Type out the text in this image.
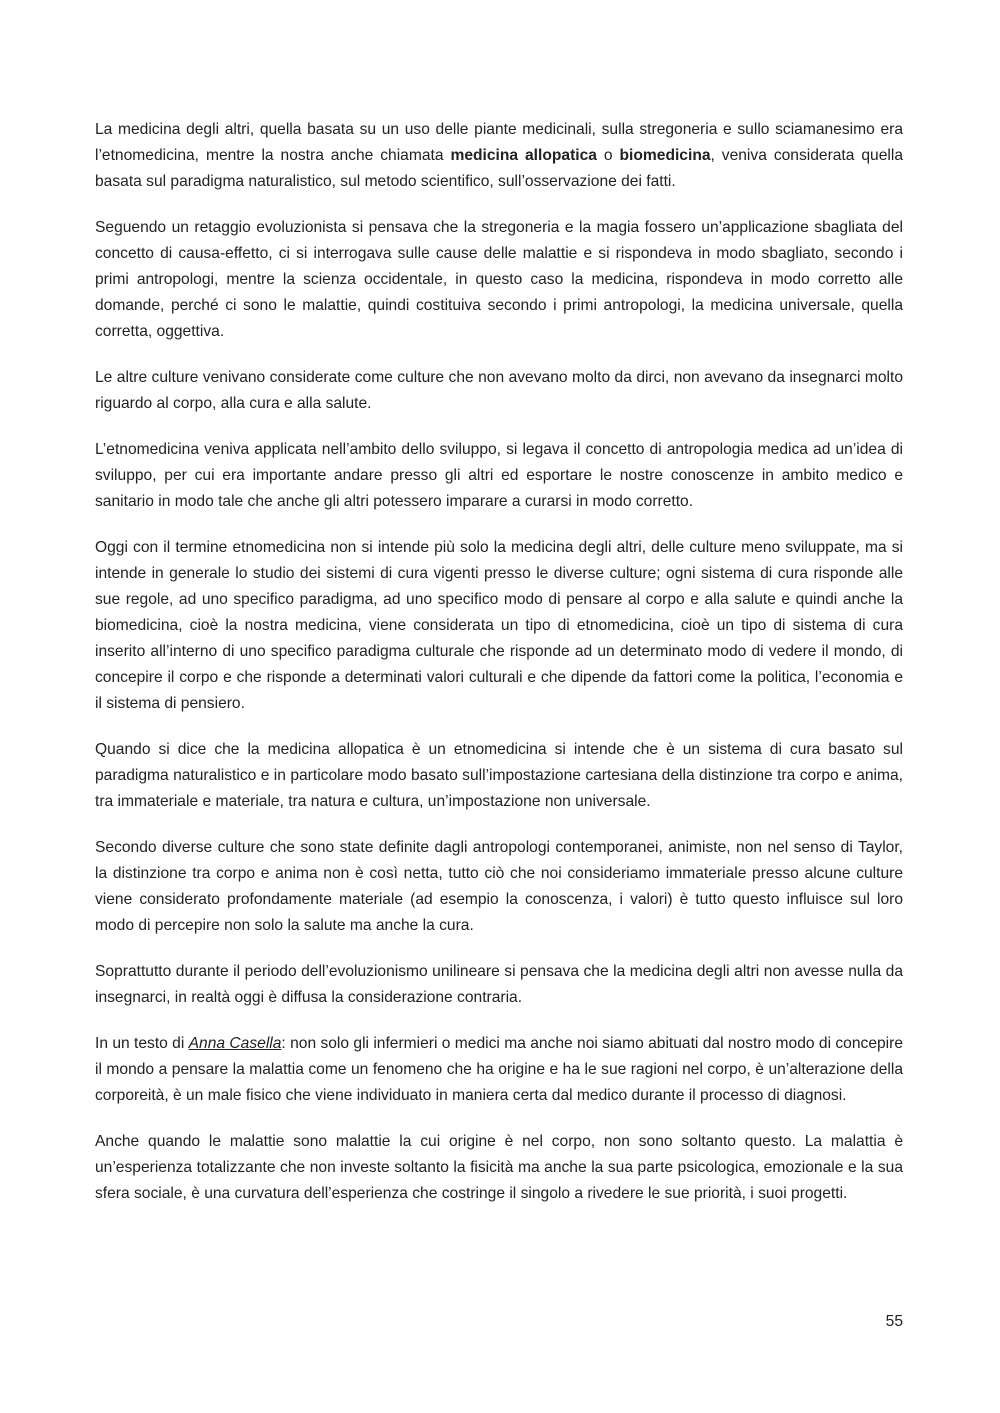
La medicina degli altri, quella basata su un uso delle piante medicinali, sulla stregoneria e sullo sciamanesimo era l’etnomedicina, mentre la nostra anche chiamata medicina allopatica o biomedicina, veniva considerata quella basata sul paradigma naturalistico, sul metodo scientifico, sull’osservazione dei fatti.

Seguendo un retaggio evoluzionista si pensava che la stregoneria e la magia fossero un’applicazione sbagliata del concetto di causa-effetto, ci si interrogava sulle cause delle malattie e si rispondeva in modo sbagliato, secondo i primi antropologi, mentre la scienza occidentale, in questo caso la medicina, rispondeva in modo corretto alle domande, perché ci sono le malattie, quindi costituiva secondo i primi antropologi, la medicina universale, quella corretta, oggettiva.

Le altre culture venivano considerate come culture che non avevano molto da dirci, non avevano da insegnarci molto riguardo al corpo, alla cura e alla salute.

L’etnomedicina veniva applicata nell’ambito dello sviluppo, si legava il concetto di antropologia medica ad un’idea di sviluppo, per cui era importante andare presso gli altri ed esportare le nostre conoscenze in ambito medico e sanitario in modo tale che anche gli altri potessero imparare a curarsi in modo corretto.

Oggi con il termine etnomedicina non si intende più solo la medicina degli altri, delle culture meno sviluppate, ma si intende in generale lo studio dei sistemi di cura vigenti presso le diverse culture; ogni sistema di cura risponde alle sue regole, ad uno specifico paradigma, ad uno specifico modo di pensare al corpo e alla salute e quindi anche la biomedicina, cioè la nostra medicina, viene considerata un tipo di etnomedicina, cioè un tipo di sistema di cura inserito all’interno di uno specifico paradigma culturale che risponde ad un determinato modo di vedere il mondo, di concepire il corpo e che risponde a determinati valori culturali e che dipende da fattori come la politica, l’economia e il sistema di pensiero.

Quando si dice che la medicina allopatica è un etnomedicina si intende che è un sistema di cura basato sul paradigma naturalistico e in particolare modo basato sull’impostazione cartesiana della distinzione tra corpo e anima, tra immateriale e materiale, tra natura e cultura, un’impostazione non universale.

Secondo diverse culture che sono state definite dagli antropologi contemporanei, animiste, non nel senso di Taylor, la distinzione tra corpo e anima non è così netta, tutto ciò che noi consideriamo immateriale presso alcune culture viene considerato profondamente materiale (ad esempio la conoscenza, i valori) è tutto questo influisce sul loro modo di percepire non solo la salute ma anche la cura.

Soprattutto durante il periodo dell’evoluzionismo unilineare si pensava che la medicina degli altri non avesse nulla da insegnarci, in realtà oggi è diffusa la considerazione contraria.

In un testo di Anna Casella: non solo gli infermieri o medici ma anche noi siamo abituati dal nostro modo di concepire il mondo a pensare la malattia come un fenomeno che ha origine e ha le sue ragioni nel corpo, è un’alterazione della corporeità, è un male fisico che viene individuato in maniera certa dal medico durante il processo di diagnosi.

Anche quando le malattie sono malattie la cui origine è nel corpo, non sono soltanto questo. La malattia è un’esperienza totalizzante che non investe soltanto la fisicità ma anche la sua parte psicologica, emozionale e la sua sfera sociale, è una curvatura dell’esperienza che costringe il singolo a rivedere le sue priorità, i suoi progetti.

55
